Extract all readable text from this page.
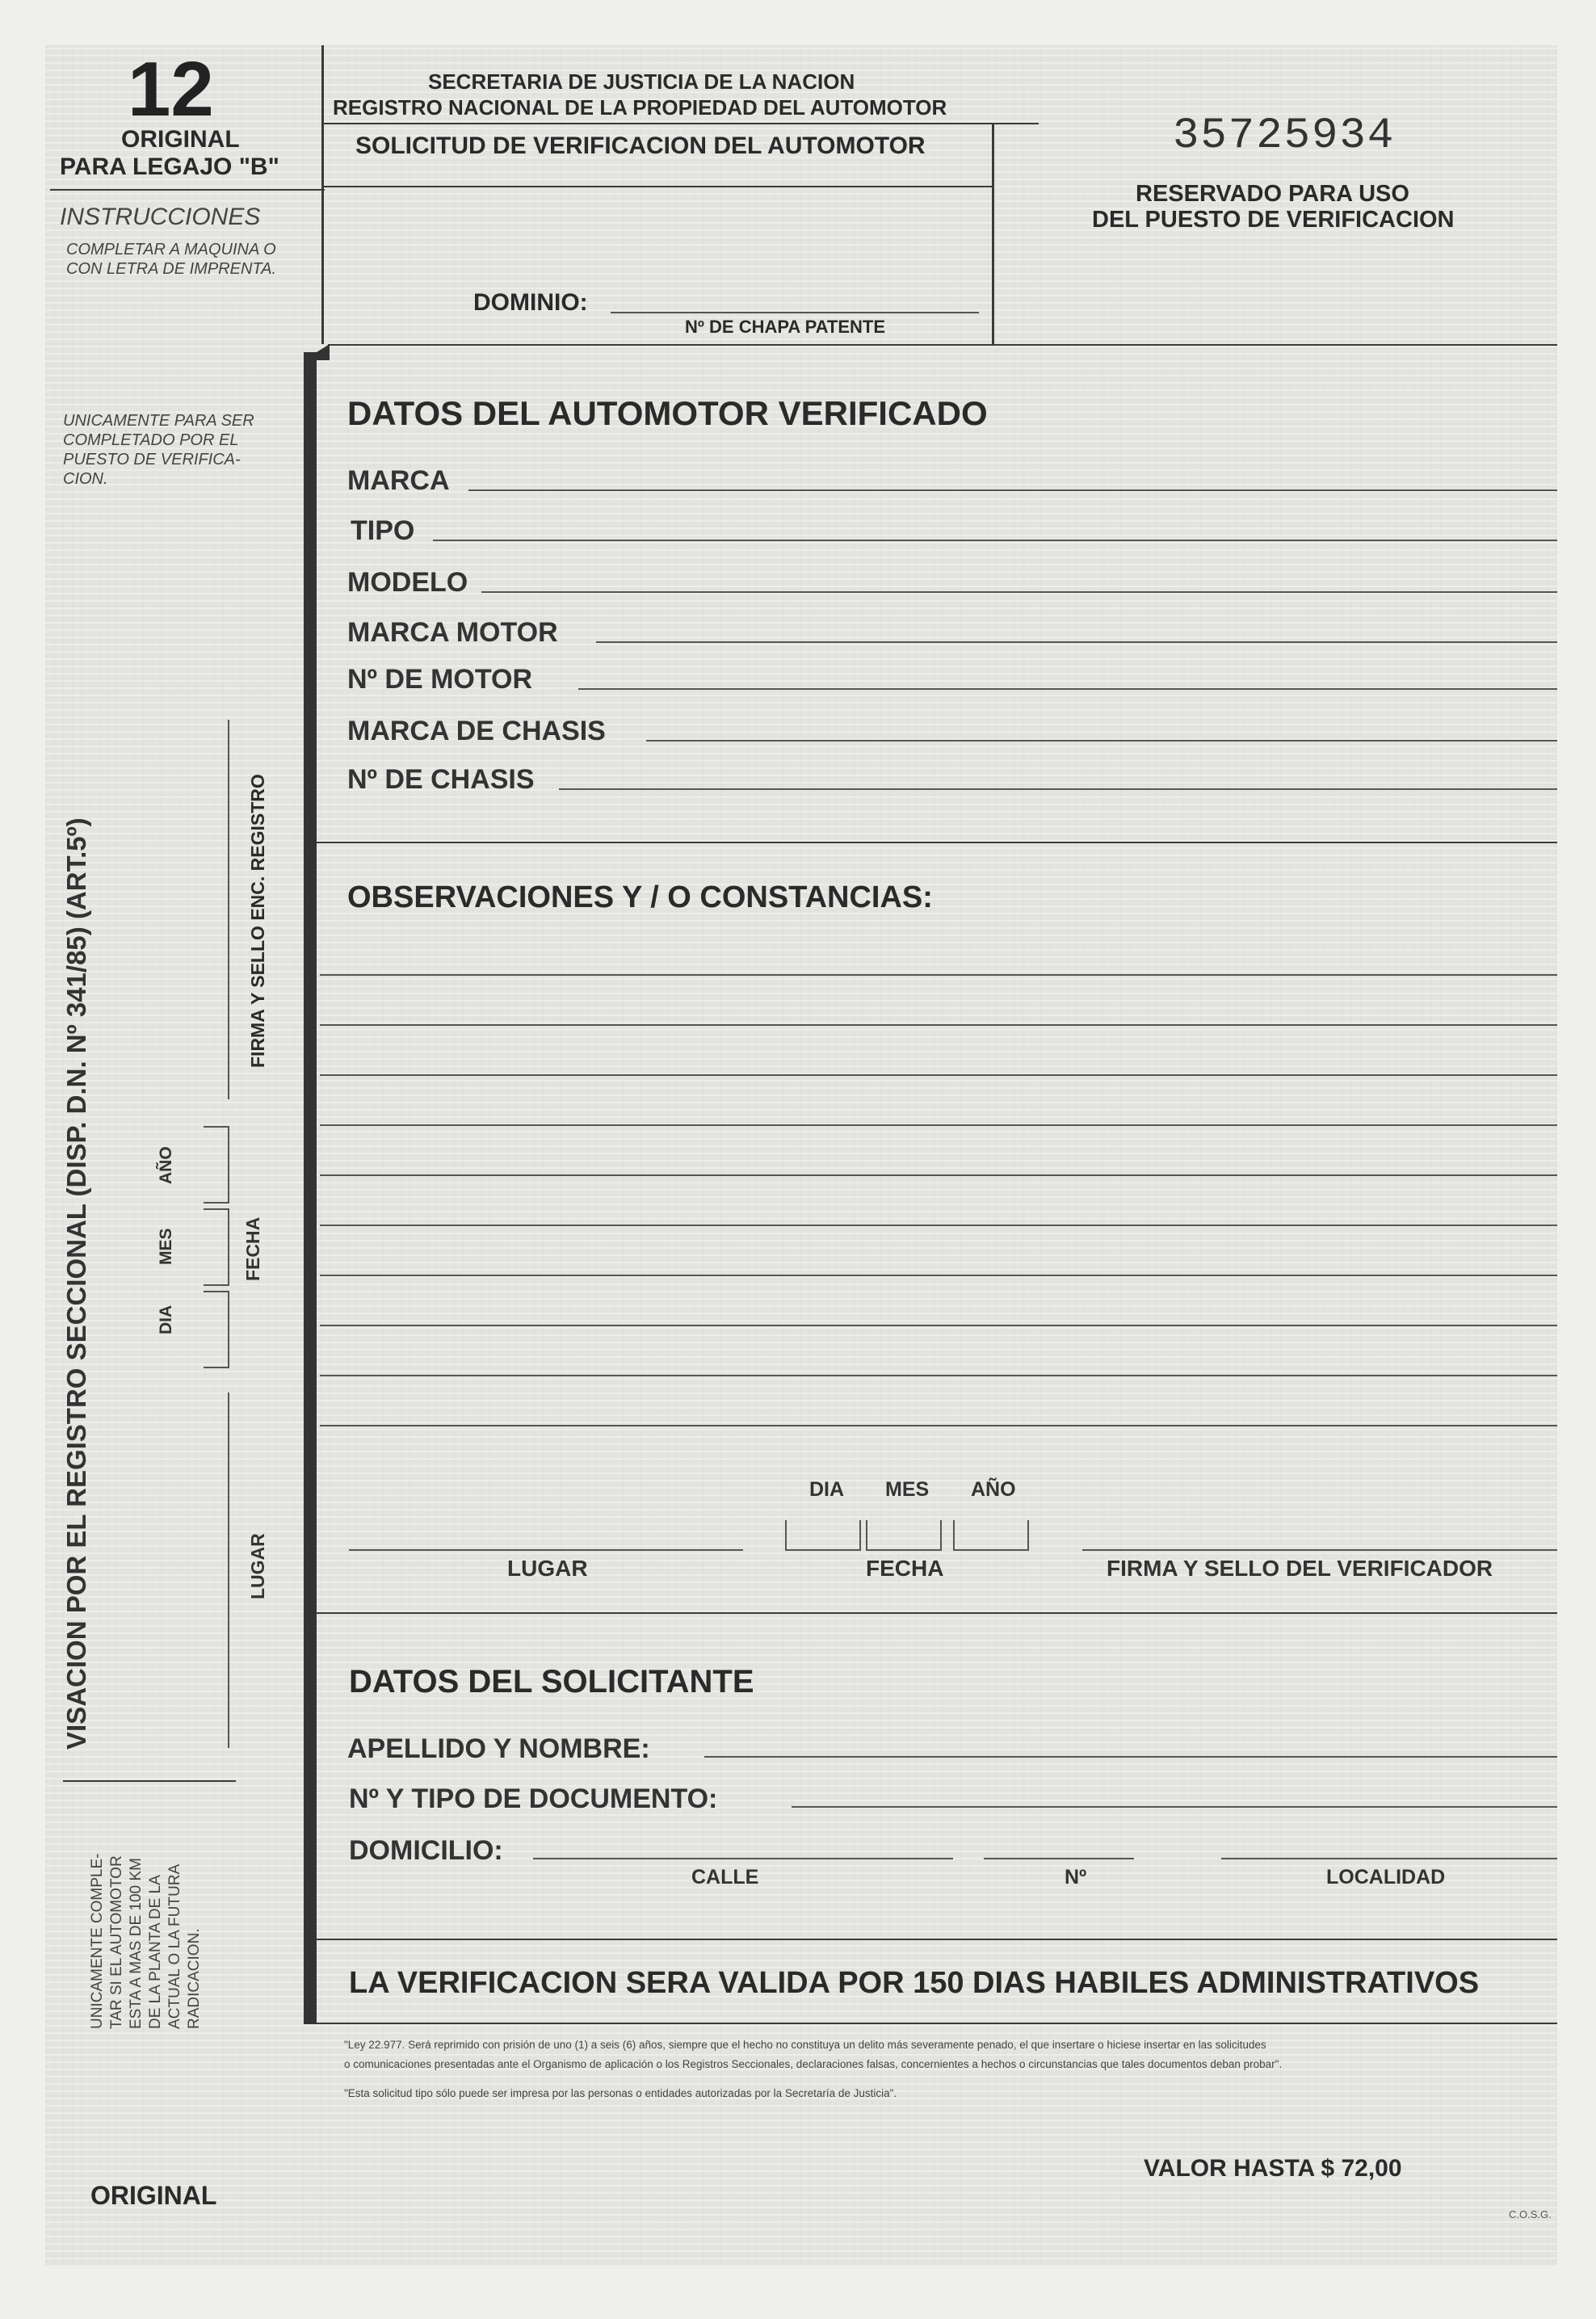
12
ORIGINAL
PARA LEGAJO "B"
INSTRUCCIONES
COMPLETAR A MAQUINA O
CON LETRA DE IMPRENTA.
UNICAMENTE PARA SER
COMPLETADO POR EL
PUESTO DE VERIFICA-
CION.
SECRETARIA DE JUSTICIA DE LA NACION
REGISTRO NACIONAL DE LA PROPIEDAD DEL AUTOMOTOR
SOLICITUD DE VERIFICACION DEL AUTOMOTOR
DOMINIO:
Nº DE CHAPA PATENTE
35725934
RESERVADO PARA USO
DEL PUESTO DE VERIFICACION
DATOS DEL AUTOMOTOR VERIFICADO
MARCA
TIPO
MODELO
MARCA MOTOR
Nº DE MOTOR
MARCA DE CHASIS
Nº DE CHASIS
OBSERVACIONES Y / O CONSTANCIAS:
DIA MES AÑO
LUGAR	FECHA	FIRMA Y SELLO DEL VERIFICADOR
DATOS DEL SOLICITANTE
APELLIDO Y NOMBRE:
Nº Y TIPO DE DOCUMENTO:
DOMICILIO:
CALLE	Nº	LOCALIDAD
LA VERIFICACION SERA VALIDA POR 150 DIAS HABILES ADMINISTRATIVOS
"Ley 22.977. Será reprimido con prisión de uno (1) a seis (6) años, siempre que el hecho no constituya un delito más severamente penado, el que insertare o hiciese insertar en las solicitudes
o comunicaciones presentadas ante el Organismo de aplicación o los Registros Seccionales, declaraciones falsas, concernientes a hechos o circunstancias que tales documentos deban probar".
"Esta solicitud tipo sólo puede ser impresa por las personas o entidades autorizadas por la Secretaría de Justicia".
ORIGINAL
VALOR HASTA $ 72,00
C.O.S.G.
VISACION POR EL REGISTRO SECCIONAL (DISP. D.N. Nº 341/85) (ART.5º)	FIRMA Y SELLO ENC. REGISTRO
AÑO
MES
DIA
FECHA
LUGAR
UNICAMENTE COMPLE- TAR SI EL AUTOMOTOR ESTA A MAS DE 100 KM DE LA PLANTA DE LA ACTUAL O LA FUTURA RADICACION.
